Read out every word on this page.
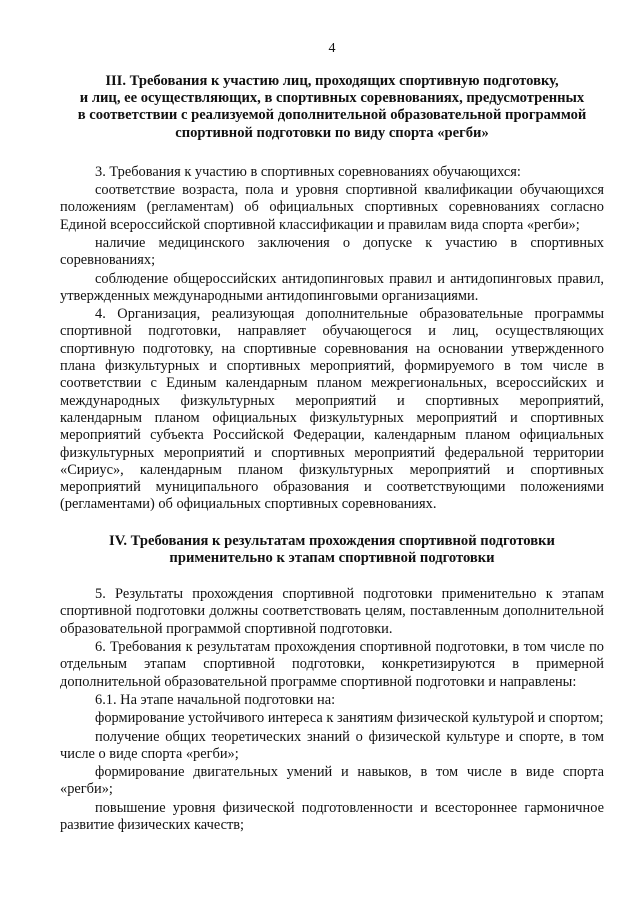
4
III. Требования к участию лиц, проходящих спортивную подготовку,
и лиц, ее осуществляющих, в спортивных соревнованиях, предусмотренных
в соответствии с реализуемой дополнительной образовательной программой
спортивной подготовки по виду спорта «регби»

3. Требования к участию в спортивных соревнованиях обучающихся:

соответствие возраста, пола и уровня спортивной квалификации обучающихся положениям (регламентам) об официальных спортивных соревнованиях согласно Единой всероссийской спортивной классификации и правилам вида спорта «регби»;

наличие медицинского заключения о допуске к участию в спортивных соревнованиях;

соблюдение общероссийских антидопинговых правил и антидопинговых правил, утвержденных международными антидопинговыми организациями.

4. Организация, реализующая дополнительные образовательные программы спортивной подготовки, направляет обучающегося и лиц, осуществляющих спортивную подготовку, на спортивные соревнования на основании утвержденного плана физкультурных и спортивных мероприятий, формируемого в том числе в соответствии с Единым календарным планом межрегиональных, всероссийских и международных физкультурных мероприятий и спортивных мероприятий, календарным планом официальных физкультурных мероприятий и спортивных мероприятий субъекта Российской Федерации, календарным планом официальных физкультурных мероприятий и спортивных мероприятий федеральной территории «Сириус», календарным планом физкультурных мероприятий и спортивных мероприятий муниципального образования и соответствующими положениями (регламентами) об официальных спортивных соревнованиях.

IV. Требования к результатам прохождения спортивной подготовки
применительно к этапам спортивной подготовки

5. Результаты прохождения спортивной подготовки применительно к этапам спортивной подготовки должны соответствовать целям, поставленным дополнительной образовательной программой спортивной подготовки.

6. Требования к результатам прохождения спортивной подготовки, в том числе по отдельным этапам спортивной подготовки, конкретизируются в примерной дополнительной образовательной программе спортивной подготовки и направлены:

6.1. На этапе начальной подготовки на:

формирование устойчивого интереса к занятиям физической культурой и спортом;

получение общих теоретических знаний о физической культуре и спорте, в том числе о виде спорта «регби»;

формирование двигательных умений и навыков, в том числе в виде спорта «регби»;

повышение уровня физической подготовленности и всестороннее гармоничное развитие физических качеств;
